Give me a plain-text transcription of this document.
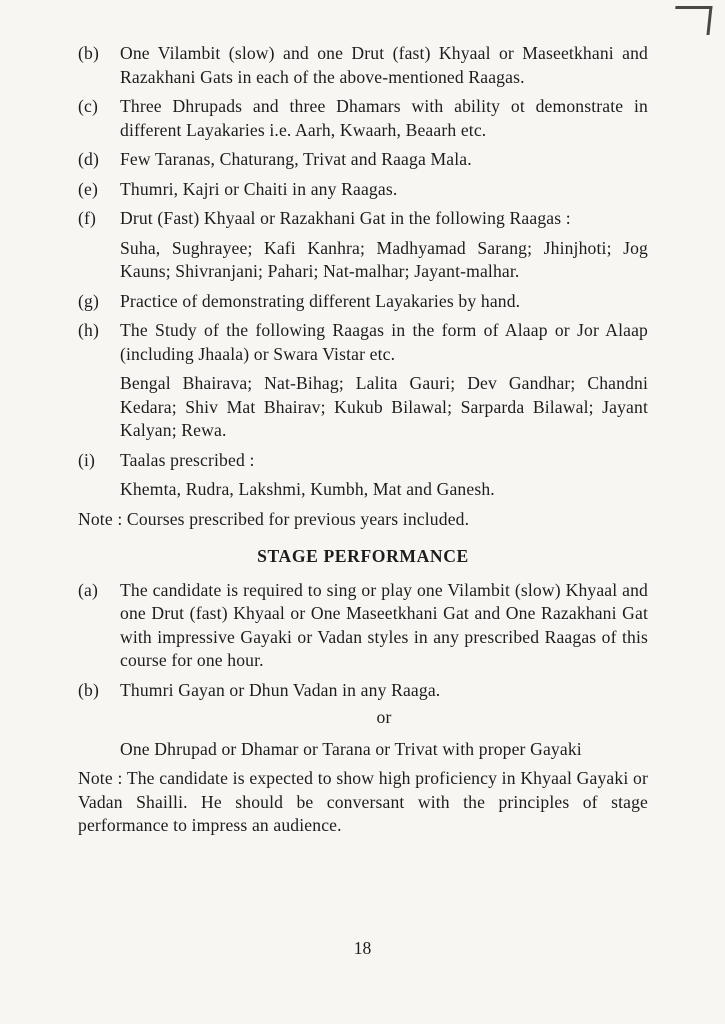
(b)	One Vilambit (slow) and one Drut (fast) Khyaal or Maseetkhani and Razakhani Gats in each of the above-mentioned Raagas.
(c)	Three Dhrupads and three Dhamars with ability ot demonstrate in different Layakaries i.e. Aarh, Kwaarh, Beaarh etc.
(d)	Few Taranas, Chaturang, Trivat and Raaga Mala.
(e)	Thumri, Kajri or Chaiti in any Raagas.
(f)	Drut (Fast) Khyaal or Razakhani Gat in the following Raagas :
Suha, Sughrayee; Kafi Kanhra; Madhyamad Sarang; Jhinjhoti; Jog Kauns; Shivranjani; Pahari; Nat-malhar; Jayant-malhar.
(g)	Practice of demonstrating different Layakaries by hand.
(h)	The Study of the following Raagas in the form of Alaap or Jor Alaap (including Jhaala) or Swara Vistar etc.
Bengal Bhairava; Nat-Bihag; Lalita Gauri; Dev Gandhar; Chandni Kedara; Shiv Mat Bhairav; Kukub Bilawal; Sarparda Bilawal; Jayant Kalyan; Rewa.
(i)	Taalas prescribed :
Khemta, Rudra, Lakshmi, Kumbh, Mat and Ganesh.
Note : Courses prescribed for previous years included.
STAGE PERFORMANCE
(a)	The candidate is required to sing or play one Vilambit (slow) Khyaal and one Drut (fast) Khyaal or One Maseetkhani Gat and One Razakhani Gat with impressive Gayaki or Vadan styles in any prescribed Raagas of this course for one hour.
(b)	Thumri Gayan or Dhun Vadan in any Raaga.
or
One Dhrupad or Dhamar or Tarana or Trivat with proper Gayaki
Note : The candidate is expected to show high proficiency in Khyaal Gayaki or Vadan Shailli. He should be conversant with the principles of stage performance to impress an audience.
18
